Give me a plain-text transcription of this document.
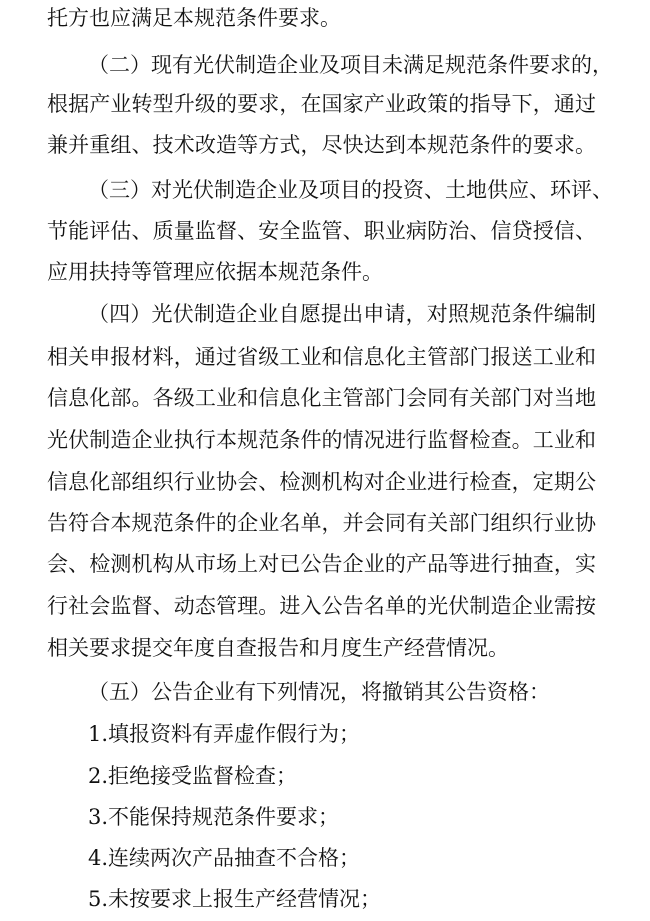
托方也应满足本规范条件要求。
（二）现有光伏制造企业及项目未满足规范条件要求的，
根据产业转型升级的要求，在国家产业政策的指导下，通过
兼并重组、技术改造等方式，尽快达到本规范条件的要求。
（三）对光伏制造企业及项目的投资、土地供应、环评、
节能评估、质量监督、安全监管、职业病防治、信贷授信、
应用扶持等管理应依据本规范条件。
（四）光伏制造企业自愿提出申请，对照规范条件编制
相关申报材料，通过省级工业和信息化主管部门报送工业和
信息化部。各级工业和信息化主管部门会同有关部门对当地
光伏制造企业执行本规范条件的情况进行监督检查。工业和
信息化部组织行业协会、检测机构对企业进行检查，定期公
告符合本规范条件的企业名单，并会同有关部门组织行业协
会、检测机构从市场上对已公告企业的产品等进行抽查，实
行社会监督、动态管理。进入公告名单的光伏制造企业需按
相关要求提交年度自查报告和月度生产经营情况。
（五）公告企业有下列情况，将撤销其公告资格：
1.填报资料有弄虚作假行为；
2.拒绝接受监督检查；
3.不能保持规范条件要求；
4.连续两次产品抽查不合格；
5.未按要求上报生产经营情况；
